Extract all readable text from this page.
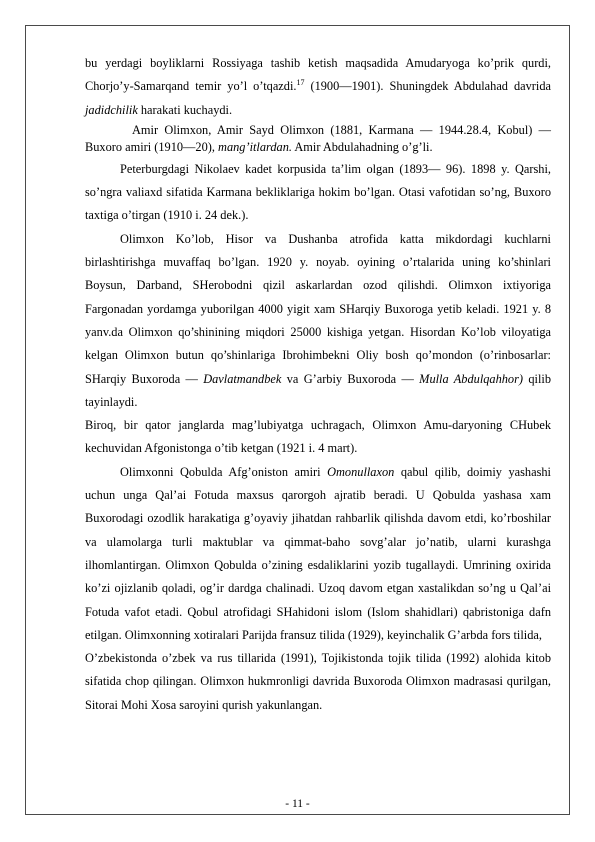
bu yerdagi boyliklarni Rossiyaga tashib ketish maqsadida Amudaryoga ko’prik qurdi, Chorjo’y-Samarqand temir yo’l o’tqazdi.$^{17}$ (1900—1901). Shuningdek Abdulahad davrida jadidchilik harakati kuchaydi.

Amir Olimxon, Amir Sayd Olimxon (1881, Karmana — 1944.28.4, Kobul) — Buxoro amiri (1910—20), mang’itlardan. Amir Abdulahadning o’g’li.

Peterburgdagi Nikolaev kadet korpusida ta’lim olgan (1893— 96). 1898 y. Qarshi, so’ngra valiaxd sifatida Karmana bekliklariga hokim bo’lgan. Otasi vafotidan so’ng, Buxoro taxtiga o’tirgan (1910 i. 24 dek.).

Olimxon Ko’lob, Hisor va Dushanba atrofida katta mikdordagi kuchlarni birlashtirishga muvaffaq bo’lgan. 1920 y. noyab. oyining o’rtalarida uning ko’shinlari Boysun, Darband, SHerobodni qizil askarlardan ozod qilishdi. Olimxon ixtiyoriga Fargonadan yordamga yuborilgan 4000 yigit xam SHarqiy Buxoroga yetib keladi. 1921 y. 8 yanv.da Olimxon qo’shinining miqdori 25000 kishiga yetgan. Hisordan Ko’lob viloyatiga kelgan Olimxon butun qo’shinlariga Ibrohimbekni Oliy bosh qo’mondon (o’rinbosarlar: SHarqiy Buxoroda — Davlatmandbek va G’arbiy Buxoroda — Mulla Abdulqahhor) qilib tayinlaydi.

Biroq, bir qator janglarda mag’lubiyatga uchragach, Olimxon Amu-daryoning CHubek kechuvidan Afgonistonga o’tib ketgan (1921 i. 4 mart).

Olimxonni Qobulda Afg’oniston amiri Omonullaxon qabul qilib, doimiy yashashi uchun unga Qal’ai Fotuda maxsus qarorgoh ajratib beradi. U Qobulda yashasa xam Buxorodagi ozodlik harakatiga g’oyaviy jihatdan rahbarlik qilishda davom etdi, ko’rboshilar va ulamolarga turli maktublar va qimmat-baho sovg’alar jo’natib, ularni kurashga ilhomlantirgan. Olimxon Qobulda o’zining esdaliklarini yozib tugallaydi. Umrining oxirida ko’zi ojizlanib qoladi, og’ir dardga chalinadi. Uzoq davom etgan xastalikdan so’ng u Qal’ai Fotuda vafot etadi. Qobul atrofidagi SHahidoni islom (Islom shahidlari) qabristoniga dafn etilgan. Olimxonning xotiralari Parijda fransuz tilida (1929), keyinchalik G’arbda fors tilida,

O’zbekistonda o’zbek va rus tillarida (1991), Tojikistonda tojik tilida (1992) alohida kitob sifatida chop qilingan. Olimxon hukmronligi davrida Buxoroda Olimxon madrasasi qurilgan, Sitorai Mohi Xosa saroyini qurish yakunlangan.

- 11 -
